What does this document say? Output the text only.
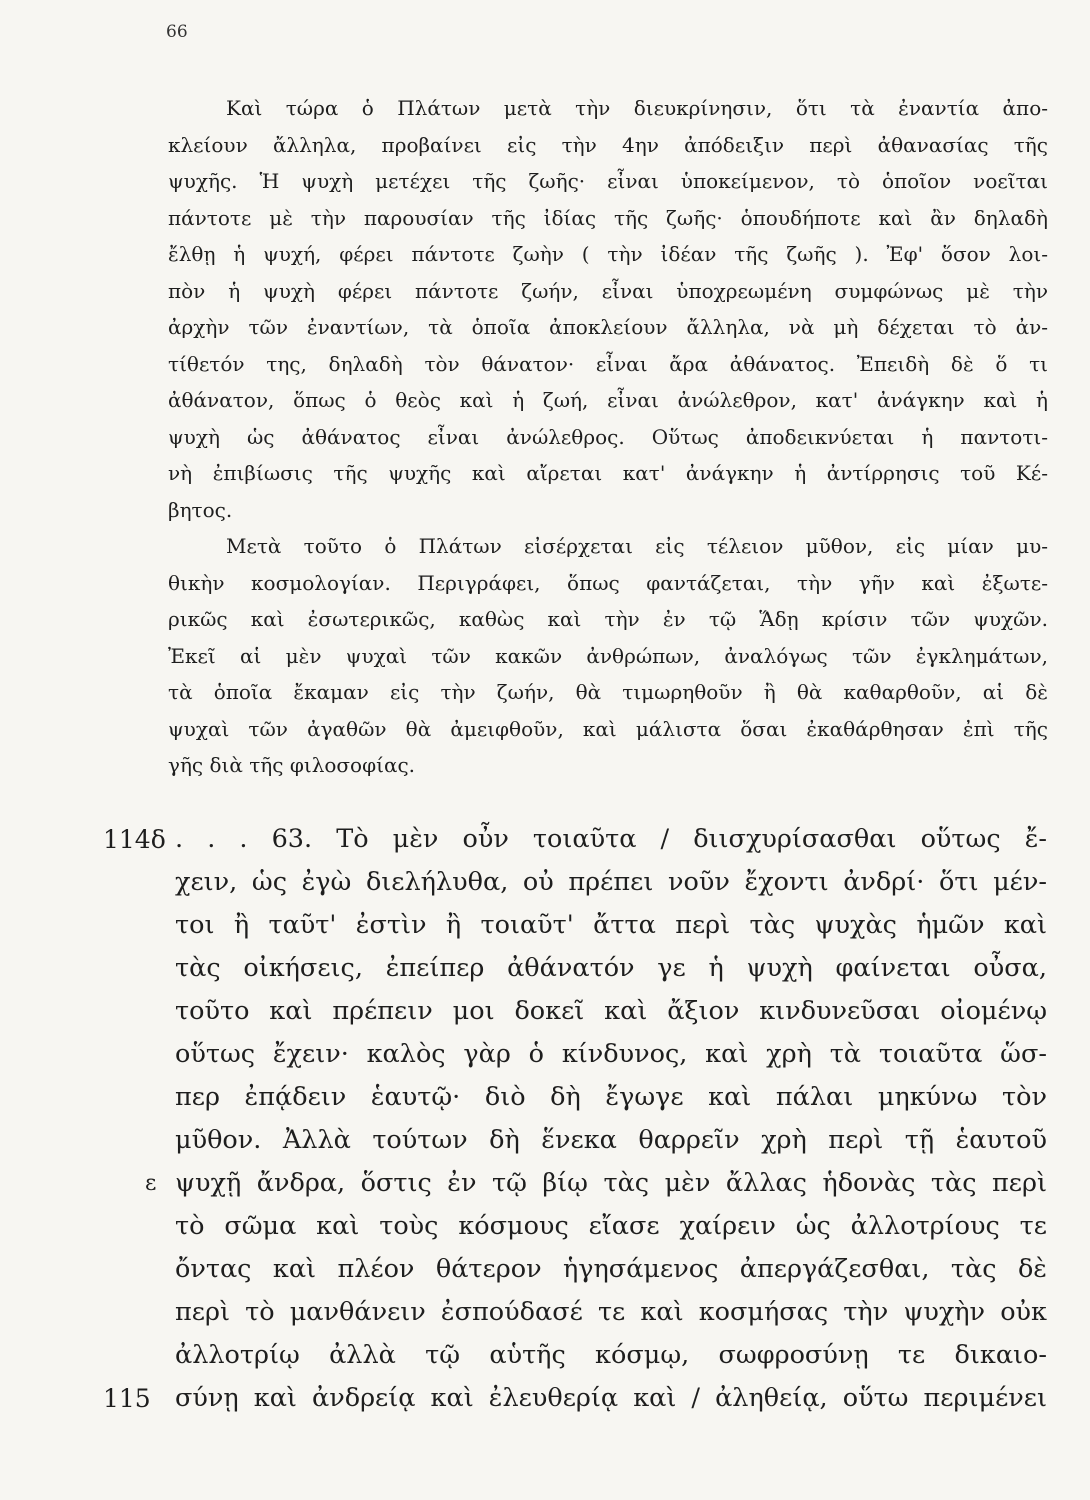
66
Καὶ τώρα ὁ Πλάτων μετὰ τὴν διευκρίνησιν, ὅτι τὰ ἐναντία ἀπο-
κλείουν ἄλληλα, προβαίνει εἰς τὴν 4ην ἀπόδειξιν περὶ ἀθανασίας τῆς
ψυχῆς. Ἡ ψυχὴ μετέχει τῆς ζωῆς· εἶναι ὑποκείμενον, τὸ ὁποῖον νοεῖται
πάντοτε μὲ τὴν παρουσίαν τῆς ἰδίας τῆς ζωῆς· ὁπουδήποτε καὶ ἂν δηλαδὴ
ἔλθῃ ἡ ψυχή, φέρει πάντοτε ζωὴν ( τὴν ἰδέαν τῆς ζωῆς ). Ἐφ' ὅσον λοι-
πὸν ἡ ψυχὴ φέρει πάντοτε ζωήν, εἶναι ὑποχρεωμένη συμφώνως μὲ τὴν
ἀρχὴν τῶν ἐναντίων, τὰ ὁποῖα ἀποκλείουν ἄλληλα, νὰ μὴ δέχεται τὸ ἀν-
τίθετόν της, δηλαδὴ τὸν θάνατον· εἶναι ἄρα ἀθάνατος. Ἐπειδὴ δὲ ὅ τι
ἀθάνατον, ὅπως ὁ θεὸς καὶ ἡ ζωή, εἶναι ἀνώλεθρον, κατ' ἀνάγκην καὶ ἡ
ψυχὴ ὡς ἀθάνατος εἶναι ἀνώλεθρος. Οὕτως ἀποδεικνύεται ἡ παντοτι-
νὴ ἐπιβίωσις τῆς ψυχῆς καὶ αἴρεται κατ' ἀνάγκην ἡ ἀντίρρησις τοῦ Κέ-
βητος.
Μετὰ τοῦτο ὁ Πλάτων εἰσέρχεται εἰς τέλειον μῦθον, εἰς μίαν μυ-
θικὴν κοσμολογίαν. Περιγράφει, ὅπως φαντάζεται, τὴν γῆν καὶ ἐξωτε-
ρικῶς καὶ ἐσωτερικῶς, καθὼς καὶ τὴν ἐν τῷ Ἅδῃ κρίσιν τῶν ψυχῶν.
Ἐκεῖ αἱ μὲν ψυχαὶ τῶν κακῶν ἀνθρώπων, ἀναλόγως τῶν ἐγκλημάτων,
τὰ ὁποῖα ἔκαμαν εἰς τὴν ζωήν, θὰ τιμωρηθοῦν ἢ θὰ καθαρθοῦν, αἱ δὲ
ψυχαὶ τῶν ἀγαθῶν θὰ ἀμειφθοῦν, καὶ μάλιστα ὅσαι ἐκαθάρθησαν ἐπὶ τῆς
γῆς διὰ τῆς φιλοσοφίας.
114δ . . . 63. Τὸ μὲν οὖν τοιαῦτα / διισχυρίσασθαι οὕτως ἔ-
χειν, ὡς ἐγὼ διελήλυθα, οὐ πρέπει νοῦν ἔχοντι ἀνδρί· ὅτι μέν-
τοι ἢ ταῦτ' ἐστὶν ἢ τοιαῦτ' ἄττα περὶ τὰς ψυχὰς ἡμῶν καὶ
τὰς οἰκήσεις, ἐπείπερ ἀθάνατόν γε ἡ ψυχὴ φαίνεται οὖσα,
τοῦτο καὶ πρέπειν μοι δοκεῖ καὶ ἄξιον κινδυνεῦσαι οἰομένῳ
οὕτως ἔχειν· καλὸς γὰρ ὁ κίνδυνος, καὶ χρὴ τὰ τοιαῦτα ὥσ-
περ ἐπᾴδειν ἑαυτῷ· διὸ δὴ ἔγωγε καὶ πάλαι μηκύνω τὸν
μῦθον. Ἀλλὰ τούτων δὴ ἕνεκα θαρρεῖν χρὴ περὶ τῇ ἑαυτοῦ
ε ψυχῇ ἄνδρα, ὅστις ἐν τῷ βίῳ τὰς μὲν ἄλλας ἡδονὰς τὰς περὶ
τὸ σῶμα καὶ τοὺς κόσμους εἴασε χαίρειν ὡς ἀλλοτρίους τε
ὄντας καὶ πλέον θάτερον ἡγησάμενος ἀπεργάζεσθαι, τὰς δὲ
περὶ τὸ μανθάνειν ἐσπούδασέ τε καὶ κοσμήσας τὴν ψυχὴν οὐκ
ἀλλοτρίῳ ἀλλὰ τῷ αὑτῆς κόσμῳ, σωφροσύνῃ τε δικαιο-
115 σύνῃ καὶ ἀνδρείᾳ καὶ ἐλευθερίᾳ καὶ / ἀληθείᾳ, οὕτω περιμένει
